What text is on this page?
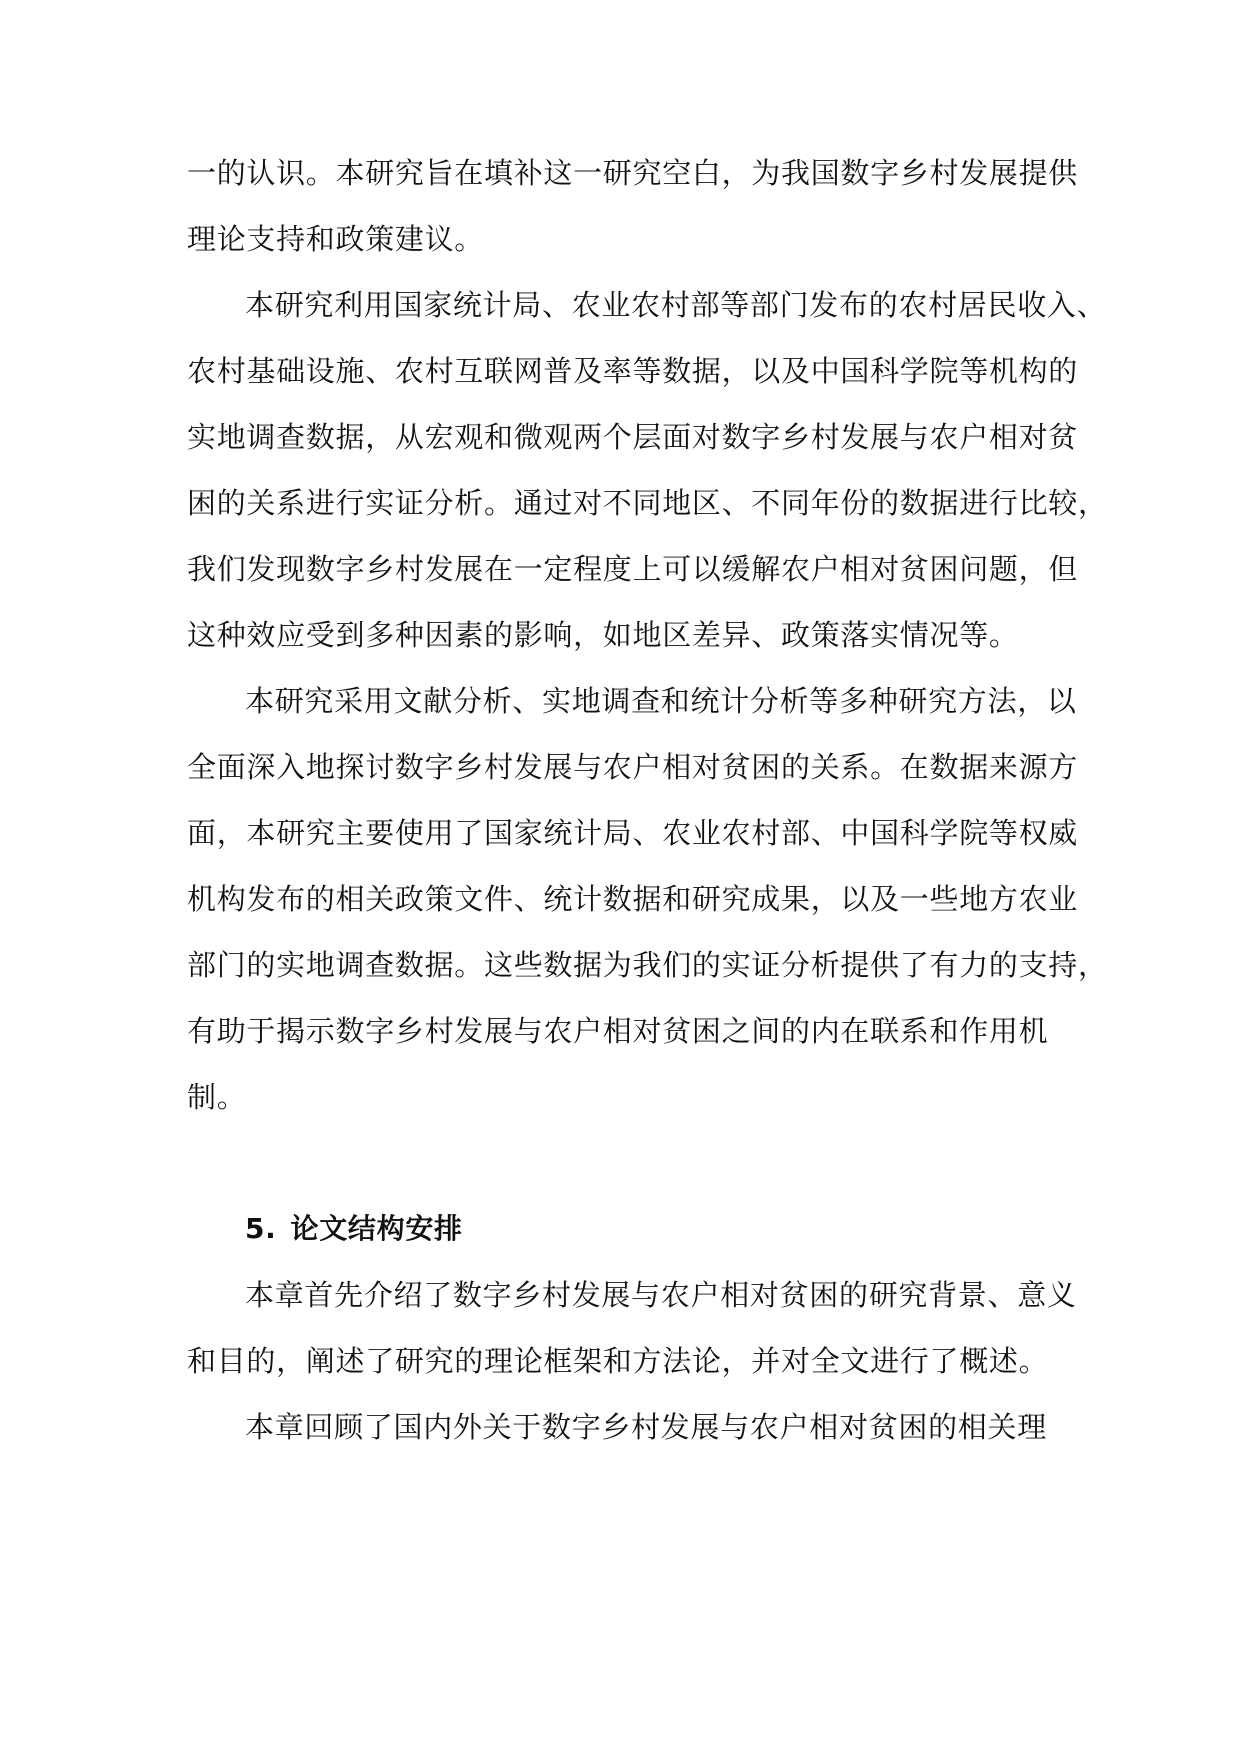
一的认识。本研究旨在填补这一研究空白，为我国数字乡村发展提供
理论支持和政策建议。
本研究利用国家统计局、农业农村部等部门发布的农村居民收入、
农村基础设施、农村互联网普及率等数据，以及中国科学院等机构的
实地调查数据，从宏观和微观两个层面对数字乡村发展与农户相对贫
困的关系进行实证分析。通过对不同地区、不同年份的数据进行比较，
我们发现数字乡村发展在一定程度上可以缓解农户相对贫困问题，但
这种效应受到多种因素的影响，如地区差异、政策落实情况等。
本研究采用文献分析、实地调查和统计分析等多种研究方法，以
全面深入地探讨数字乡村发展与农户相对贫困的关系。在数据来源方
面，本研究主要使用了国家统计局、农业农村部、中国科学院等权威
机构发布的相关政策文件、统计数据和研究成果，以及一些地方农业
部门的实地调查数据。这些数据为我们的实证分析提供了有力的支持，
有助于揭示数字乡村发展与农户相对贫困之间的内在联系和作用机
制。
5. 论文结构安排
本章首先介绍了数字乡村发展与农户相对贫困的研究背景、意义
和目的，阐述了研究的理论框架和方法论，并对全文进行了概述。
本章回顾了国内外关于数字乡村发展与农户相对贫困的相关理
